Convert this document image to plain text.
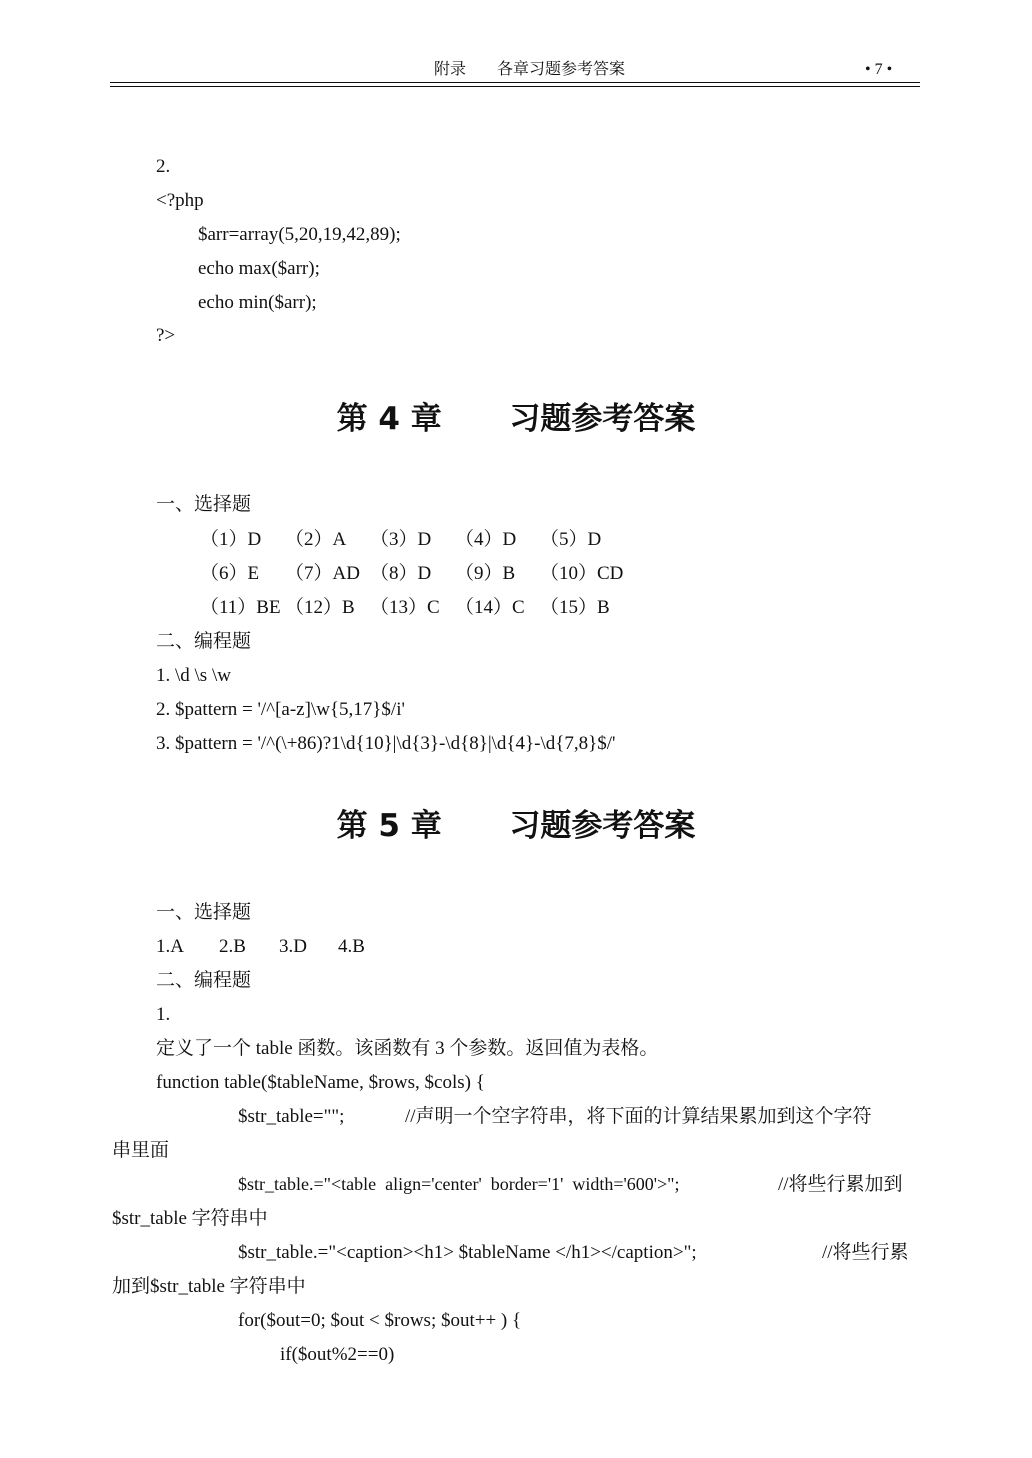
附录 各章习题参考答案	• 7 •
2.
<?php
$arr=array(5,20,19,42,89);
echo max($arr);
echo min($arr);
?>
第 4 章 习题参考答案
一、选择题
（1）D （2）A （3）D （4）D （5）D
（6）E （7）AD （8）D （9）B （10）CD
（11）BE （12）B （13）C （14）C （15）B
二、编程题
1. \d \s \w
2. $pattern = '/^[a-z]\w{5,17}$/i'
3. $pattern = '/^(\+86)?1\d{10}|\d{3}-\d{8}|\d{4}-\d{7,8}$/'
第 5 章 习题参考答案
一、选择题
1.A 2.B 3.D 4.B
二、编程题
1.
定义了一个 table 函数。该函数有 3 个参数。返回值为表格。
function table($tableName, $rows, $cols) {
$str_table="";	//声明一个空字符串，将下面的计算结果累加到这个字符
串里面
$str_table.="<table  align='center'  border='1'  width='600'>";	//将些行累加到
$str_table 字符串中
$str_table.="<caption><h1> $tableName </h1></caption>";	//将些行累
加到$str_table 字符串中
for($out=0; $out < $rows; $out++ ) {
if($out%2==0)
